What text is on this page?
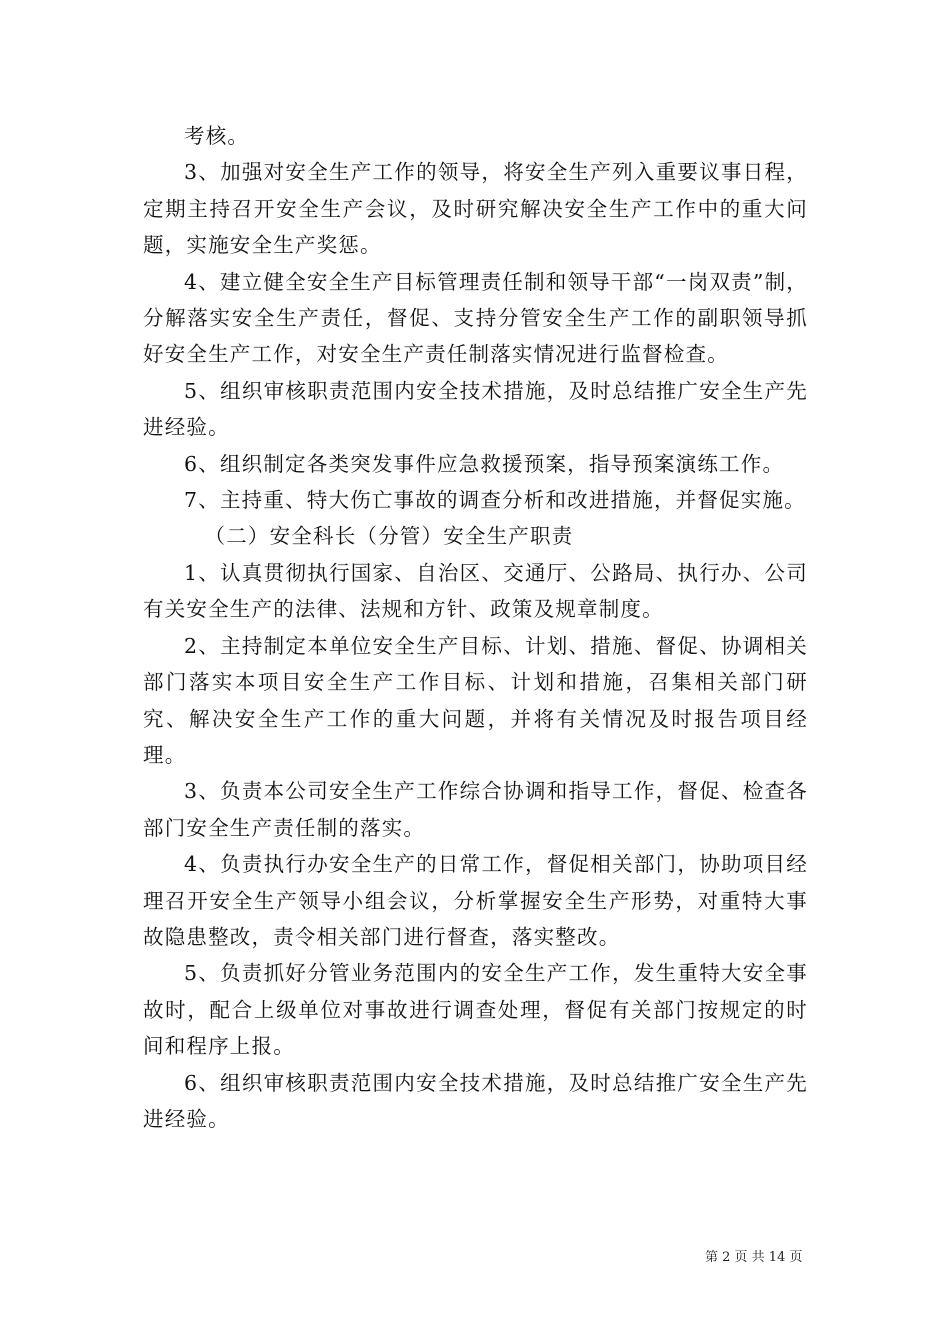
考核。

3、加强对安全生产工作的领导，将安全生产列入重要议事日程，定期主持召开安全生产会议，及时研究解决安全生产工作中的重大问题，实施安全生产奖惩。

4、建立健全安全生产目标管理责任制和领导干部“一岗双责”制，分解落实安全生产责任，督促、支持分管安全生产工作的副职领导抓好安全生产工作，对安全生产责任制落实情况进行监督检查。

5、组织审核职责范围内安全技术措施，及时总结推广安全生产先进经验。

6、组织制定各类突发事件应急救援预案，指导预案演练工作。

7、主持重、特大伤亡事故的调查分析和改进措施，并督促实施。

（二）安全科长（分管）安全生产职责

1、认真贯彻执行国家、自治区、交通厅、公路局、执行办、公司有关安全生产的法律、法规和方针、政策及规章制度。

2、主持制定本单位安全生产目标、计划、措施、督促、协调相关部门落实本项目安全生产工作目标、计划和措施，召集相关部门研究、解决安全生产工作的重大问题，并将有关情况及时报告项目经理。

3、负责本公司安全生产工作综合协调和指导工作，督促、检查各部门安全生产责任制的落实。

4、负责执行办安全生产的日常工作，督促相关部门，协助项目经理召开安全生产领导小组会议，分析掌握安全生产形势，对重特大事故隐患整改，责令相关部门进行督查，落实整改。

5、负责抓好分管业务范围内的安全生产工作，发生重特大安全事故时，配合上级单位对事故进行调查处理，督促有关部门按规定的时间和程序上报。

6、组织审核职责范围内安全技术措施，及时总结推广安全生产先进经验。

第 2 页 共 14 页
